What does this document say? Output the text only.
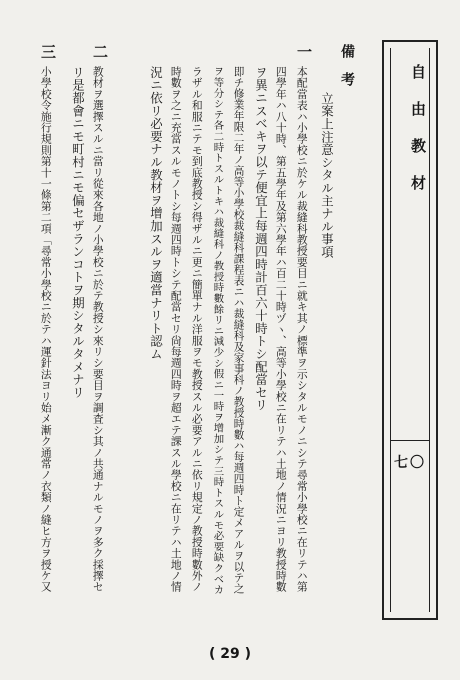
自由教材
七〇
備考
立案上注意シタル主ナル事項
一
本配當表ハ小學校ニ於ケル裁縫科教授要目ニ就キ其ノ標準ヲ示シタルモノニシテ尋常小學校ニ在リテハ第
四學年ハ八十時、第五學年及第六學年ハ百二十時ヅヽ、高等小學校ニ在リテハ土地ノ情況ニヨリ教授時數
ヲ異ニスベキヲ以テ便宜上每週四時計百六十時トシ配當セリ
即チ修業年限二年ノ高等小學校裁縫科課程表ニハ裁縫科及家事科ノ教授時數ハ每週四時ト定メアルヲ以テ之
ヲ等分シテ各二時トスルトキハ裁縫科ノ教授時數餘リニ減少シ假ニ一時ヲ增加シテ三時トスルモ必要缺クベカ
ラザル和服ニテモ到底教授シ得ザルニ更ニ簡單ナル洋服ヲモ教授スル必要アルニ依リ規定ノ教授時數外ノ
時數ヲ之ニ充當スルモノトシ每週四時トシテ配當セリ尙每週四時ヲ超エテ課スル學校ニ在リテハ土地ノ情
況ニ依リ必要ナル教材ヲ增加スルヲ適當ナリト認ム
二
教材ヲ選擇スルニ當リ從來各地ノ小學校ニ於テ教授シ來リシ要目ヲ調査シ其ノ共通ナルモノヲ多ク採擇セ
リ是都會ニモ町村ニモ偏セザランコトヲ期シタルタメナリ
三
小學校令施行規則第十一條第二項「尋常小學校ニ於テハ運針法ヨリ始メ漸ク通常ノ衣類ノ縫ヒ方ヲ授ケ又
( 29 )
